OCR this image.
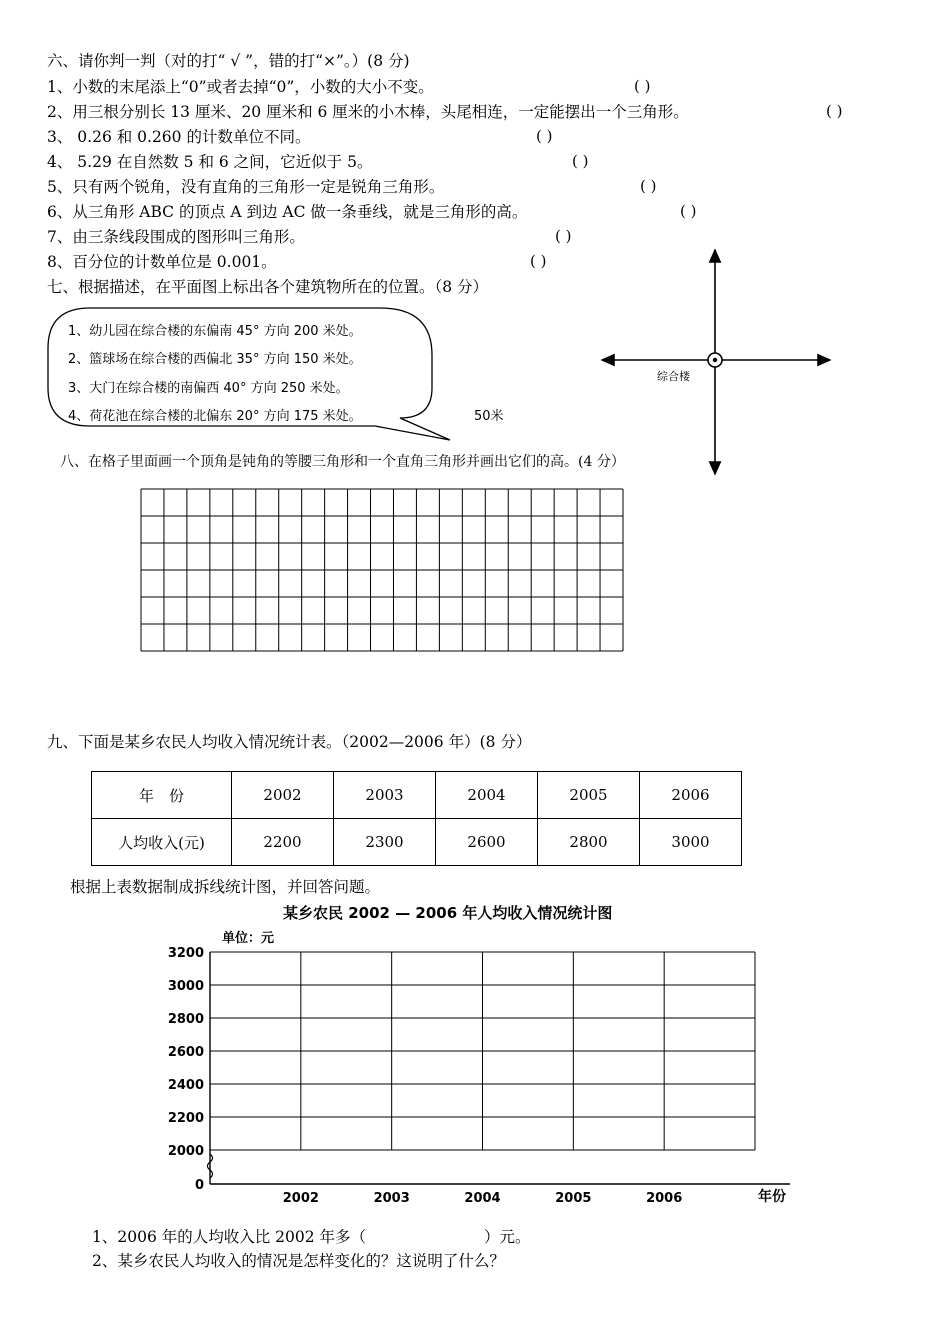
六、请你判一判（对的打“ √ ”，错的打“×”。）(8 分)
1、小数的末尾添上“0”或者去掉“0”，小数的大小不变。	( )
2、用三根分别长 13 厘米、20 厘米和 6 厘米的小木棒，头尾相连，一定能摆出一个三角形。	( )
3、 0.26 和 0.260 的计数单位不同。	( )
4、 5.29 在自然数 5 和 6 之间，它近似于 5。	( )
5、只有两个锐角，没有直角的三角形一定是锐角三角形。	( )
6、从三角形 ABC 的顶点 A 到边 AC 做一条垂线，就是三角形的高。	( )
7、由三条线段围成的图形叫三角形。	( )
8、百分位的计数单位是 0.001。	( )
七、根据描述，在平面图上标出各个建筑物所在的位置。（8 分）
1、幼儿园在综合楼的东偏南 45° 方向 200 米处。
2、篮球场在综合楼的西偏北 35° 方向 150 米处。
3、大门在综合楼的南偏西 40° 方向 250 米处。
4、荷花池在综合楼的北偏东 20° 方向 175 米处。	50米
综合楼
八、在格子里面画一个顶角是钝角的等腰三角形和一个直角三角形并画出它们的高。(4 分）
九、下面是某乡农民人均收入情况统计表。（2002—2006 年）(8 分）
年　份	2002	2003	2004	2005	2006
人均收入(元)	2200	2300	2600	2800	3000
根据上表数据制成拆线统计图，并回答问题。
某乡农民 2002 — 2006 年人均收入情况统计图
2000
2200
2400
2600
2800
3000
3200
0
2002	2003	2004	2005	2006	年份
单位：元
1、2006 年的人均收入比 2002 年多（	）元。
2、某乡农民人均收入的情况是怎样变化的？这说明了什么？
